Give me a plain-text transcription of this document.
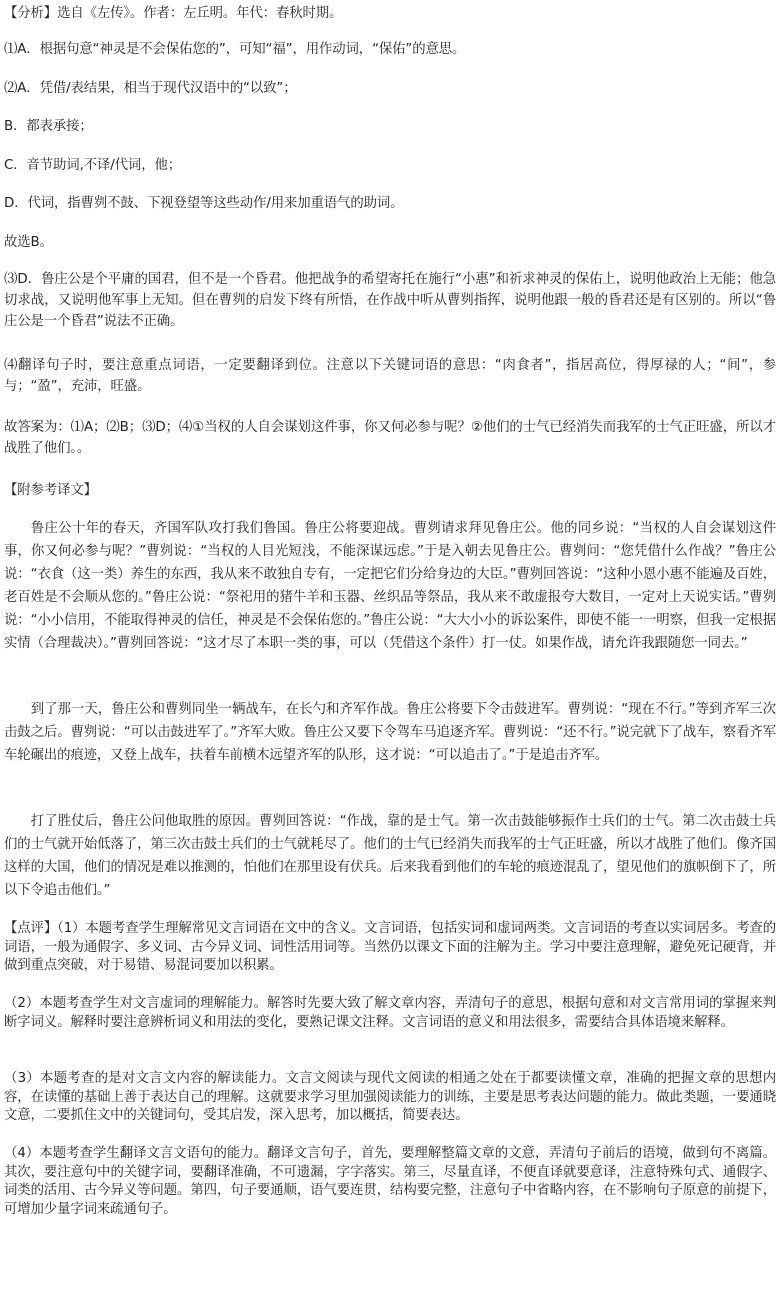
【分析】选自《左传》。作者：左丘明。年代：春秋时期。

⑴A．根据句意“神灵是不会保佑您的”，可知“福”，用作动词，“保佑”的意思。

⑵A．凭借/表结果，相当于现代汉语中的“以致”；

B．都表承接；

C．音节助词,不译/代词，他；

D．代词，指曹刿不鼓、下视登望等这些动作/用来加重语气的助词。

故选B。

⑶D．鲁庄公是个平庸的国君，但不是一个昏君。他把战争的希望寄托在施行“小惠”和祈求神灵的保佑上，说明他政治上无能；他急切求战，又说明他军事上无知。但在曹刿的启发下终有所悟，在作战中听从曹刿指挥，说明他跟一般的昏君还是有区别的。所以“鲁庄公是一个昏君”说法不正确。

⑷翻译句子时，要注意重点词语，一定要翻译到位。注意以下关键词语的意思：“肉食者”，指居高位，得厚禄的人；“间”，参与；“盈”，充沛，旺盛。

故答案为：⑴A；⑵B；⑶D；⑷①当权的人自会谋划这件事，你又何必参与呢？②他们的士气已经消失而我军的士气正旺盛，所以才战胜了他们。。

【附参考译文】

鲁庄公十年的春天，齐国军队攻打我们鲁国。鲁庄公将要迎战。曹刿请求拜见鲁庄公。他的同乡说：“当权的人自会谋划这件事，你又何必参与呢？”曹刿说：“当权的人目光短浅，不能深谋远虑。”于是入朝去见鲁庄公。曹刿问：“您凭借什么作战？”鲁庄公说：“衣食（这一类）养生的东西，我从来不敢独自专有，一定把它们分给身边的大臣。”曹刿回答说：“这种小恩小惠不能遍及百姓，老百姓是不会顺从您的。”鲁庄公说：“祭祀用的猪牛羊和玉器、丝织品等祭品，我从来不敢虚报夸大数目，一定对上天说实话。”曹刿说：“小小信用，不能取得神灵的信任，神灵是不会保佑您的。”鲁庄公说：“大大小小的诉讼案件，即使不能一一明察，但我一定根据实情（合理裁决）。”曹刿回答说：“这才尽了本职一类的事，可以（凭借这个条件）打一仗。如果作战，请允许我跟随您一同去。”

到了那一天，鲁庄公和曹刿同坐一辆战车，在长勺和齐军作战。鲁庄公将要下令击鼓进军。曹刿说：“现在不行。”等到齐军三次击鼓之后。曹刿说：“可以击鼓进军了。”齐军大败。鲁庄公又要下令驾车马追逐齐军。曹刿说：“还不行。”说完就下了战车，察看齐军车轮碾出的痕迹，又登上战车，扶着车前横木远望齐军的队形，这才说：“可以追击了。”于是追击齐军。

打了胜仗后，鲁庄公问他取胜的原因。曹刿回答说：“作战，靠的是士气。第一次击鼓能够振作士兵们的士气。第二次击鼓士兵们的士气就开始低落了，第三次击鼓士兵们的士气就耗尽了。他们的士气已经消失而我军的士气正旺盛，所以才战胜了他们。像齐国这样的大国，他们的情况是难以推测的，怕他们在那里设有伏兵。后来我看到他们的车轮的痕迹混乱了，望见他们的旗帜倒下了，所以下令追击他们。”

【点评】（1）本题考查学生理解常见文言词语在文中的含义。文言词语，包括实词和虚词两类。文言词语的考查以实词居多。考查的词语，一般为通假字、多义词、古今异义词、词性活用词等。当然仍以课文下面的注解为主。学习中要注意理解，避免死记硬背，并做到重点突破，对于易错、易混词要加以积累。

（2）本题考查学生对文言虚词的理解能力。解答时先要大致了解文章内容，弄清句子的意思，根据句意和对文言常用词的掌握来判断字词义。解释时要注意辨析词义和用法的变化，要熟记课文注释。文言词语的意义和用法很多，需要结合具体语境来解释。

（3）本题考查的是对文言文内容的解读能力。文言文阅读与现代文阅读的相通之处在于都要读懂文章，准确的把握文章的思想内容，在读懂的基础上善于表达自己的理解。这就要求学习里加强阅读能力的训练，主要是思考表达问题的能力。做此类题，一要通晓文意，二要抓住文中的关键词句，受其启发，深入思考，加以概括，简要表达。

（4）本题考查学生翻译文言文语句的能力。翻译文言句子，首先，要理解整篇文章的文意，弄清句子前后的语境，做到句不离篇。其次，要注意句中的关键字词，要翻译准确，不可遗漏，字字落实。第三，尽量直译，不便直译就要意译，注意特殊句式、通假字、词类的活用、古今异义等问题。第四，句子要通顺，语气要连贯，结构要完整，注意句子中省略内容，在不影响句子原意的前提下，可增加少量字词来疏通句子。
